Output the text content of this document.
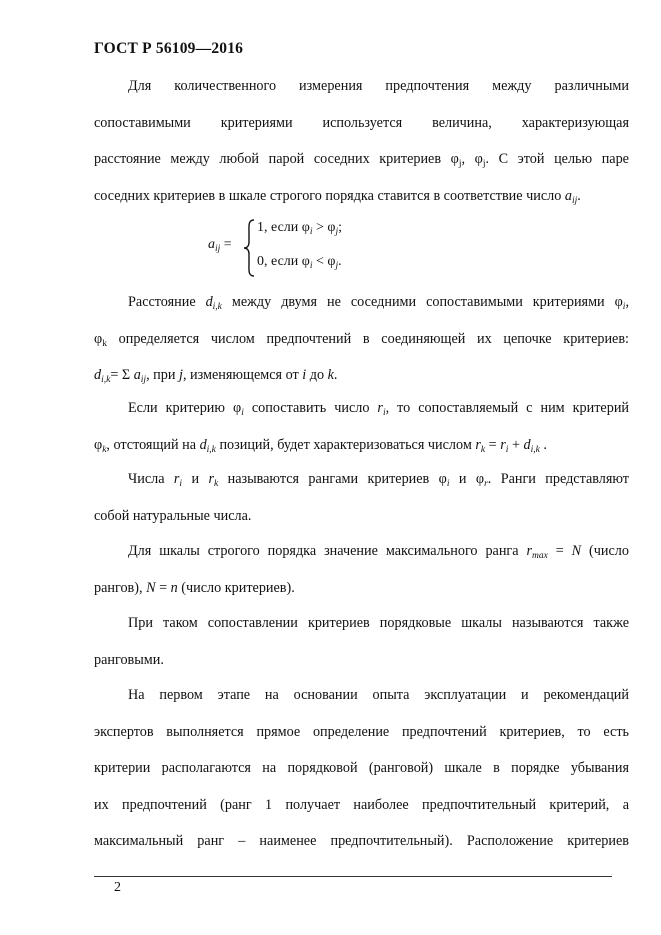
ГОСТ Р 56109—2016
Для количественного измерения предпочтения между различными
сопоставимыми критериями используется величина, характеризующая
расстояние между любой парой соседних критериев $\varphi_j$, $\varphi_j$. С этой целью паре
соседних критериев в шкале строгого порядка ставится в соответствие число $a_{ij}$.
$a_{ij}$ =
1, если $\varphi_i > \varphi_j$;
0, если $\varphi_i < \varphi_j$.
Расстояние $d_{i,k}$ между двумя не соседними сопоставимыми критериями $\varphi_i$,
$\varphi_k$ определяется числом предпочтений в соединяющей их цепочке критериев:
$d_{i,k}= \Sigma$ $a_{ij}$, при j, изменяющемся от i до k.
Если критерию $\varphi_i$ сопоставить число $r_i$, то сопоставляемый с ним критерий
$\varphi_k$, отстоящий на $d_{i,k}$ позиций, будет характеризоваться числом $r_k = r_i + d_{i,k}$ .
Числа $r_i$ и $r_k$ называются рангами критериев $\varphi_i$ и $\varphi_r$. Ранги представляют
собой натуральные числа.
Для шкалы строгого порядка значение максимального ранга $r_{max} = N$ (число
рангов), N = n (число критериев).
При таком сопоставлении критериев порядковые шкалы называются также
ранговыми.
На первом этапе на основании опыта эксплуатации и рекомендаций
экспертов выполняется прямое определение предпочтений критериев, то есть
критерии располагаются на порядковой (ранговой) шкале в порядке убывания
их предпочтений (ранг 1 получает наиболее предпочтительный критерий, а
максимальный ранг – наименее предпочтительный). Расположение критериев
2
